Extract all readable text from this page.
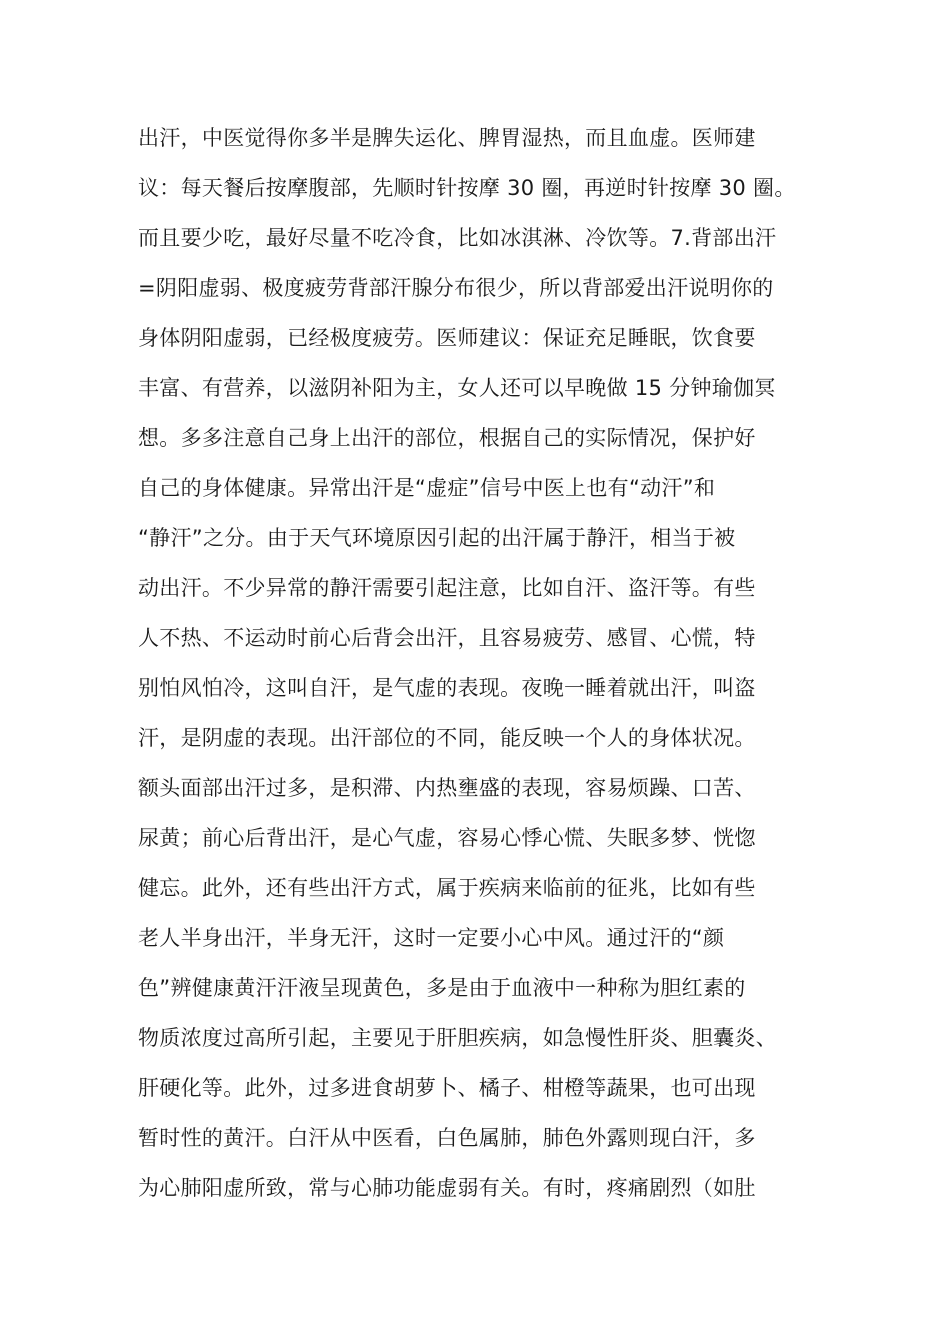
出汗，中医觉得你多半是脾失运化、脾胃湿热，而且血虚。医师建
议：每天餐后按摩腹部，先顺时针按摩 30 圈，再逆时针按摩 30 圈。
而且要少吃，最好尽量不吃冷食，比如冰淇淋、冷饮等。7.背部出汗
=阴阳虚弱、极度疲劳背部汗腺分布很少，所以背部爱出汗说明你的
身体阴阳虚弱，已经极度疲劳。医师建议：保证充足睡眠，饮食要
丰富、有营养，以滋阴补阳为主，女人还可以早晚做 15 分钟瑜伽冥
想。多多注意自己身上出汗的部位，根据自己的实际情况，保护好
自己的身体健康。异常出汗是“虚症”信号中医上也有“动汗”和
“静汗”之分。由于天气环境原因引起的出汗属于静汗，相当于被
动出汗。不少异常的静汗需要引起注意，比如自汗、盗汗等。有些
人不热、不运动时前心后背会出汗，且容易疲劳、感冒、心慌，特
别怕风怕冷，这叫自汗，是气虚的表现。夜晚一睡着就出汗，叫盗
汗，是阴虚的表现。出汗部位的不同，能反映一个人的身体状况。
额头面部出汗过多，是积滞、内热壅盛的表现，容易烦躁、口苦、
尿黄；前心后背出汗，是心气虚，容易心悸心慌、失眠多梦、恍惚
健忘。此外，还有些出汗方式，属于疾病来临前的征兆，比如有些
老人半身出汗，半身无汗，这时一定要小心中风。通过汗的“颜
色”辨健康黄汗汗液呈现黄色，多是由于血液中一种称为胆红素的
物质浓度过高所引起，主要见于肝胆疾病，如急慢性肝炎、胆囊炎、
肝硬化等。此外，过多进食胡萝卜、橘子、柑橙等蔬果，也可出现
暂时性的黄汗。白汗从中医看，白色属肺，肺色外露则现白汗，多
为心肺阳虚所致，常与心肺功能虚弱有关。有时，疼痛剧烈（如肚
